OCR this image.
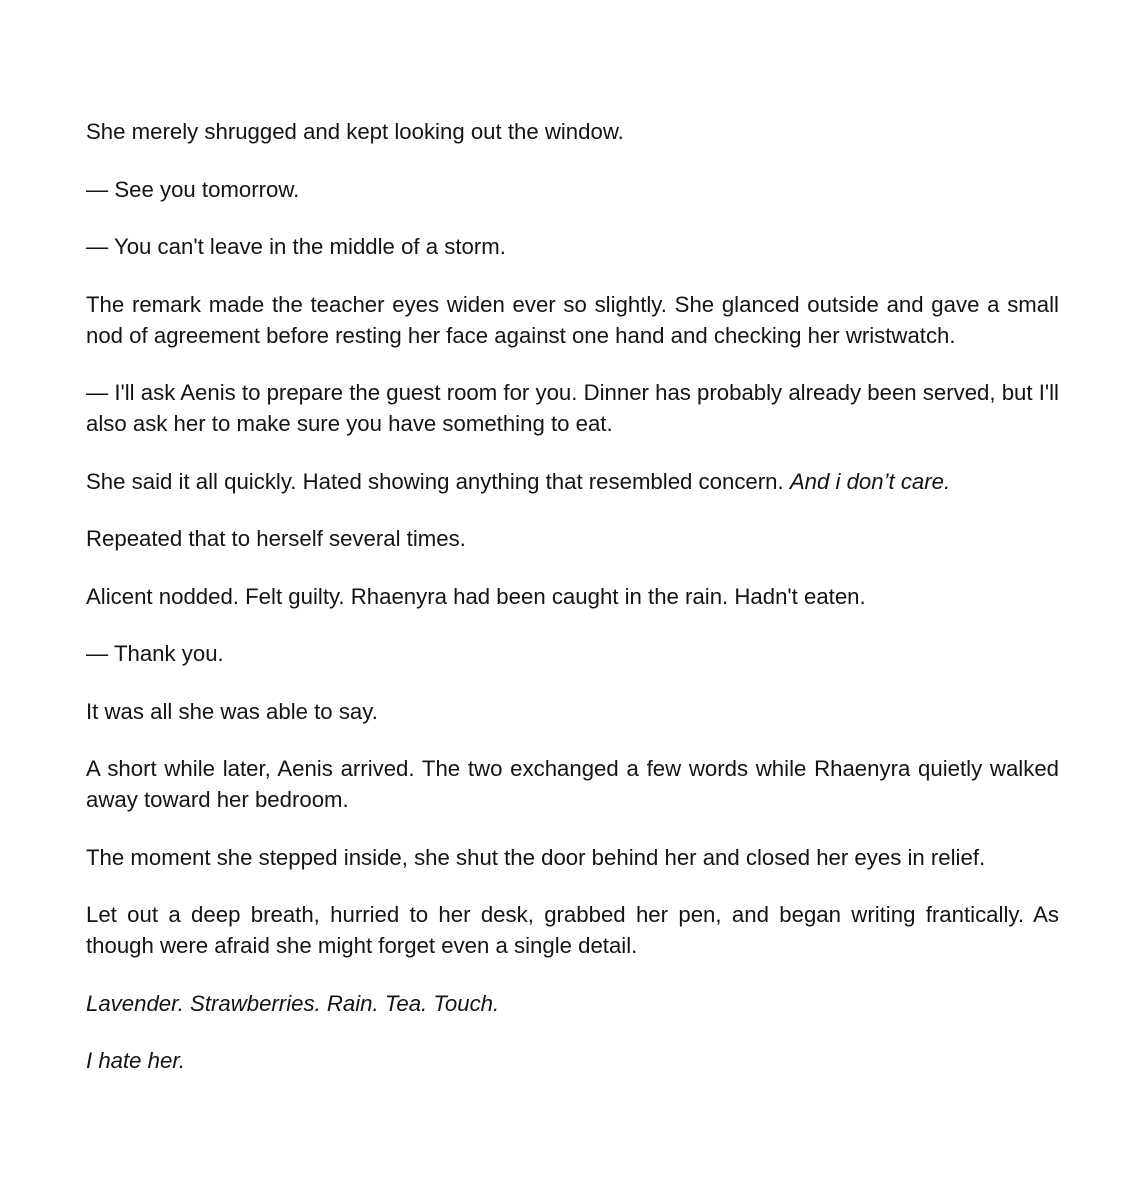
She merely shrugged and kept looking out the window.

— See you tomorrow.

— You can't leave in the middle of a storm.

The remark made the teacher eyes widen ever so slightly. She glanced outside and gave a small nod of agreement before resting her face against one hand and checking her wristwatch.

— I'll ask Aenis to prepare the guest room for you. Dinner has probably already been served, but I'll also ask her to make sure you have something to eat.

She said it all quickly. Hated showing anything that resembled concern. And i don’t care.

Repeated that to herself several times.

Alicent nodded. Felt guilty. Rhaenyra had been caught in the rain. Hadn't eaten.

— Thank you.

It was all she was able to say.

A short while later, Aenis arrived. The two exchanged a few words while Rhaenyra quietly walked away toward her bedroom.

The moment she stepped inside, she shut the door behind her and closed her eyes in relief.

Let out a deep breath, hurried to her desk, grabbed her pen, and began writing frantically. As though were afraid she might forget even a single detail.

Lavender. Strawberries. Rain. Tea. Touch.

I hate her.
